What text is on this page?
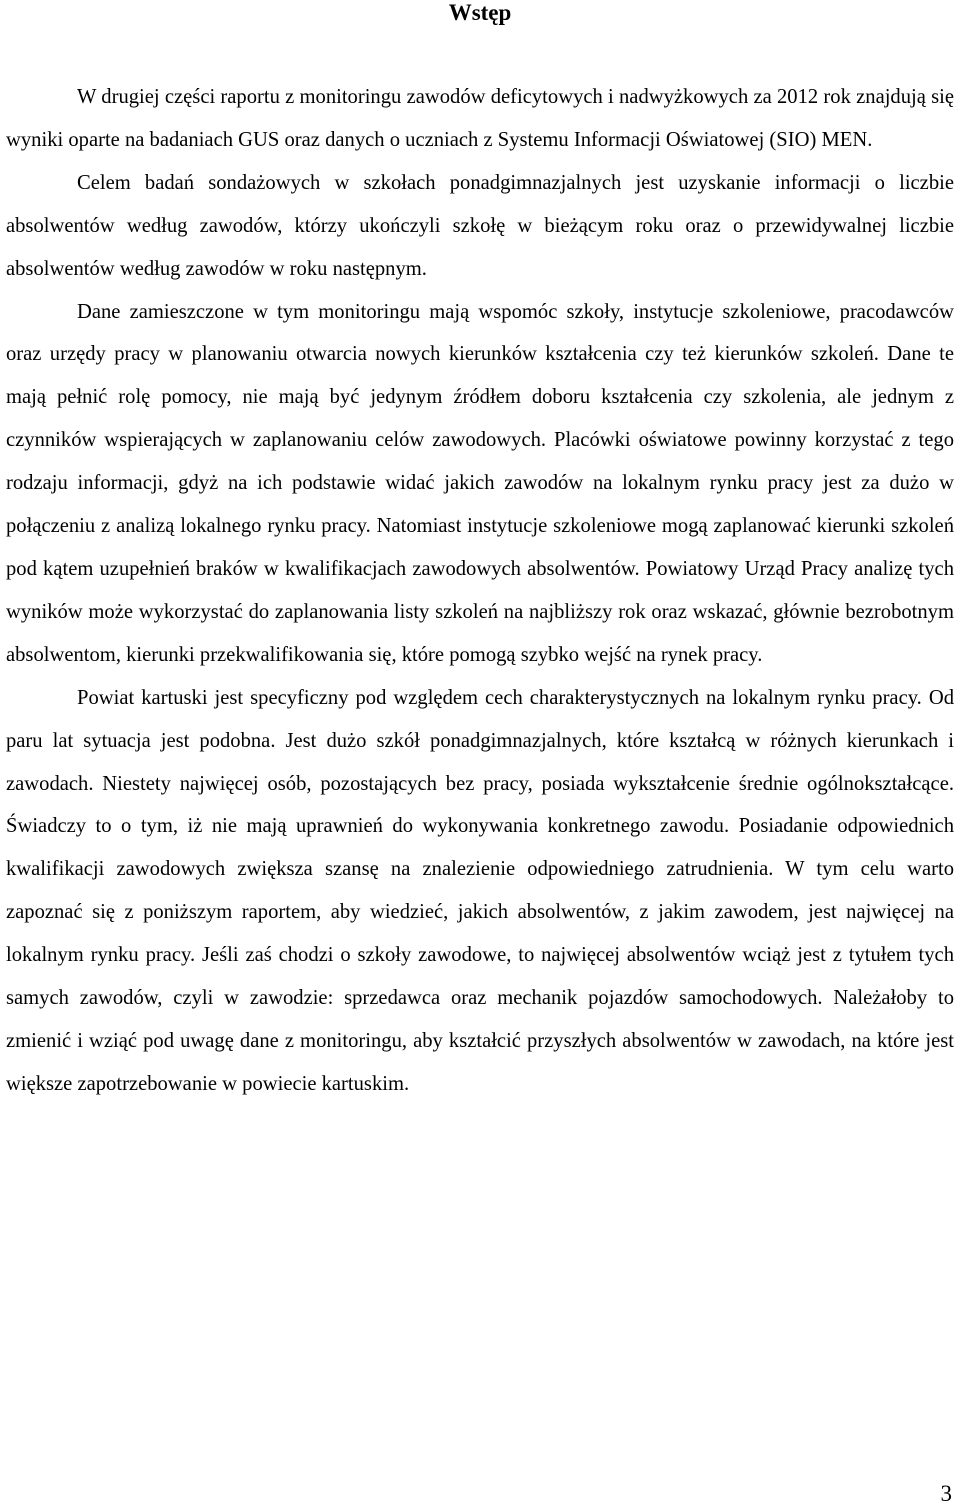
Wstęp

W drugiej części raportu z monitoringu zawodów deficytowych i nadwyżkowych za 2012 rok znajdują się wyniki oparte na badaniach GUS oraz danych o uczniach z Systemu Informacji Oświatowej (SIO) MEN.

Celem badań sondażowych w szkołach ponadgimnazjalnych jest uzyskanie informacji o liczbie absolwentów według zawodów, którzy ukończyli szkołę w bieżącym roku oraz o przewidywalnej liczbie absolwentów według zawodów w roku następnym.

Dane zamieszczone w tym monitoringu mają wspomóc szkoły, instytucje szkoleniowe, pracodawców oraz urzędy pracy w planowaniu otwarcia nowych kierunków kształcenia czy też kierunków szkoleń. Dane te mają pełnić rolę pomocy, nie mają być jedynym źródłem doboru kształcenia czy szkolenia, ale jednym z czynników wspierających w zaplanowaniu celów zawodowych. Placówki oświatowe powinny korzystać z tego rodzaju informacji, gdyż na ich podstawie widać jakich zawodów na lokalnym rynku pracy jest za dużo w połączeniu z analizą lokalnego rynku pracy. Natomiast instytucje szkoleniowe mogą zaplanować kierunki szkoleń pod kątem uzupełnień braków w kwalifikacjach zawodowych absolwentów. Powiatowy Urząd Pracy analizę tych wyników może wykorzystać do zaplanowania listy szkoleń na najbliższy rok oraz wskazać, głównie bezrobotnym absolwentom, kierunki przekwalifikowania się, które pomogą szybko wejść na rynek pracy.

Powiat kartuski jest specyficzny pod względem cech charakterystycznych na lokalnym rynku pracy. Od paru lat sytuacja jest podobna. Jest dużo szkół ponadgimnazjalnych, które kształcą w różnych kierunkach i zawodach. Niestety najwięcej osób, pozostających bez pracy, posiada wykształcenie średnie ogólnokształcące. Świadczy to o tym, iż nie mają uprawnień do wykonywania konkretnego zawodu. Posiadanie odpowiednich kwalifikacji zawodowych zwiększa szansę na znalezienie odpowiedniego zatrudnienia. W tym celu warto zapoznać się z poniższym raportem, aby wiedzieć, jakich absolwentów, z jakim zawodem, jest najwięcej na lokalnym rynku pracy. Jeśli zaś chodzi o szkoły zawodowe, to najwięcej absolwentów wciąż jest z tytułem tych samych zawodów, czyli w zawodzie: sprzedawca oraz mechanik pojazdów samochodowych. Należałoby to zmienić i wziąć pod uwagę dane z monitoringu, aby kształcić przyszłych absolwentów w zawodach, na które jest większe zapotrzebowanie w powiecie kartuskim.

3
